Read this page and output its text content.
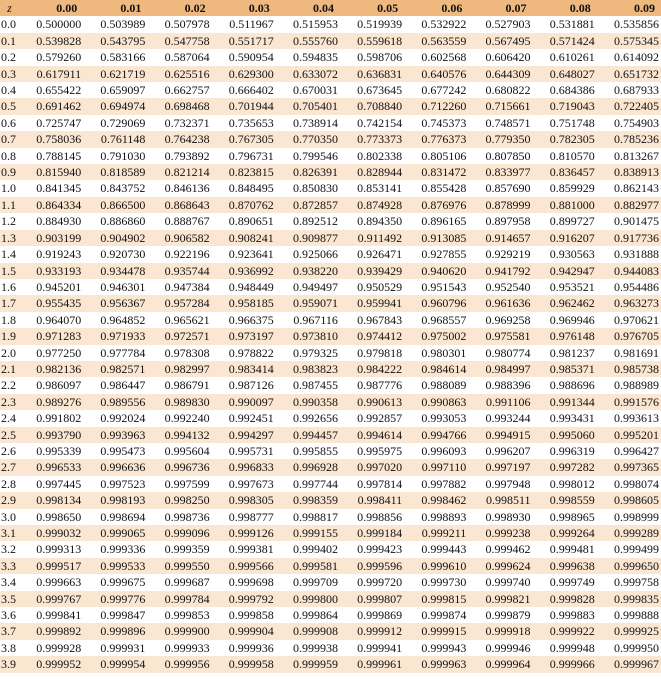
z	0.00	0.01	0.02	0.03	0.04	0.05	0.06	0.07	0.08	0.09
0.0	0.500000	0.503989	0.507978	0.511967	0.515953	0.519939	0.532922	0.527903	0.531881	0.535856
0.1	0.539828	0.543795	0.547758	0.551717	0.555760	0.559618	0.563559	0.567495	0.571424	0.575345
0.2	0.579260	0.583166	0.587064	0.590954	0.594835	0.598706	0.602568	0.606420	0.610261	0.614092
0.3	0.617911	0.621719	0.625516	0.629300	0.633072	0.636831	0.640576	0.644309	0.648027	0.651732
0.4	0.655422	0.659097	0.662757	0.666402	0.670031	0.673645	0.677242	0.680822	0.684386	0.687933
0.5	0.691462	0.694974	0.698468	0.701944	0.705401	0.708840	0.712260	0.715661	0.719043	0.722405
0.6	0.725747	0.729069	0.732371	0.735653	0.738914	0.742154	0.745373	0.748571	0.751748	0.754903
0.7	0.758036	0.761148	0.764238	0.767305	0.770350	0.773373	0.776373	0.779350	0.782305	0.785236
0.8	0.788145	0.791030	0.793892	0.796731	0.799546	0.802338	0.805106	0.807850	0.810570	0.813267
0.9	0.815940	0.818589	0.821214	0.823815	0.826391	0.828944	0.831472	0.833977	0.836457	0.838913
1.0	0.841345	0.843752	0.846136	0.848495	0.850830	0.853141	0.855428	0.857690	0.859929	0.862143
1.1	0.864334	0.866500	0.868643	0.870762	0.872857	0.874928	0.876976	0.878999	0.881000	0.882977
1.2	0.884930	0.886860	0.888767	0.890651	0.892512	0.894350	0.896165	0.897958	0.899727	0.901475
1.3	0.903199	0.904902	0.906582	0.908241	0.909877	0.911492	0.913085	0.914657	0.916207	0.917736
1.4	0.919243	0.920730	0.922196	0.923641	0.925066	0.926471	0.927855	0.929219	0.930563	0.931888
1.5	0.933193	0.934478	0.935744	0.936992	0.938220	0.939429	0.940620	0.941792	0.942947	0.944083
1.6	0.945201	0.946301	0.947384	0.948449	0.949497	0.950529	0.951543	0.952540	0.953521	0.954486
1.7	0.955435	0.956367	0.957284	0.958185	0.959071	0.959941	0.960796	0.961636	0.962462	0.963273
1.8	0.964070	0.964852	0.965621	0.966375	0.967116	0.967843	0.968557	0.969258	0.969946	0.970621
1.9	0.971283	0.971933	0.972571	0.973197	0.973810	0.974412	0.975002	0.975581	0.976148	0.976705
2.0	0.977250	0.977784	0.978308	0.978822	0.979325	0.979818	0.980301	0.980774	0.981237	0.981691
2.1	0.982136	0.982571	0.982997	0.983414	0.983823	0.984222	0.984614	0.984997	0.985371	0.985738
2.2	0.986097	0.986447	0.986791	0.987126	0.987455	0.987776	0.988089	0.988396	0.988696	0.988989
2.3	0.989276	0.989556	0.989830	0.990097	0.990358	0.990613	0.990863	0.991106	0.991344	0.991576
2.4	0.991802	0.992024	0.992240	0.992451	0.992656	0.992857	0.993053	0.993244	0.993431	0.993613
2.5	0.993790	0.993963	0.994132	0.994297	0.994457	0.994614	0.994766	0.994915	0.995060	0.995201
2.6	0.995339	0.995473	0.995604	0.995731	0.995855	0.995975	0.996093	0.996207	0.996319	0.996427
2.7	0.996533	0.996636	0.996736	0.996833	0.996928	0.997020	0.997110	0.997197	0.997282	0.997365
2.8	0.997445	0.997523	0.997599	0.997673	0.997744	0.997814	0.997882	0.997948	0.998012	0.998074
2.9	0.998134	0.998193	0.998250	0.998305	0.998359	0.998411	0.998462	0.998511	0.998559	0.998605
3.0	0.998650	0.998694	0.998736	0.998777	0.998817	0.998856	0.998893	0.998930	0.998965	0.998999
3.1	0.999032	0.999065	0.999096	0.999126	0.999155	0.999184	0.999211	0.999238	0.999264	0.999289
3.2	0.999313	0.999336	0.999359	0.999381	0.999402	0.999423	0.999443	0.999462	0.999481	0.999499
3.3	0.999517	0.999533	0.999550	0.999566	0.999581	0.999596	0.999610	0.999624	0.999638	0.999650
3.4	0.999663	0.999675	0.999687	0.999698	0.999709	0.999720	0.999730	0.999740	0.999749	0.999758
3.5	0.999767	0.999776	0.999784	0.999792	0.999800	0.999807	0.999815	0.999821	0.999828	0.999835
3.6	0.999841	0.999847	0.999853	0.999858	0.999864	0.999869	0.999874	0.999879	0.999883	0.999888
3.7	0.999892	0.999896	0.999900	0.999904	0.999908	0.999912	0.999915	0.999918	0.999922	0.999925
3.8	0.999928	0.999931	0.999933	0.999936	0.999938	0.999941	0.999943	0.999946	0.999948	0.999950
3.9	0.999952	0.999954	0.999956	0.999958	0.999959	0.999961	0.999963	0.999964	0.999966	0.999967
